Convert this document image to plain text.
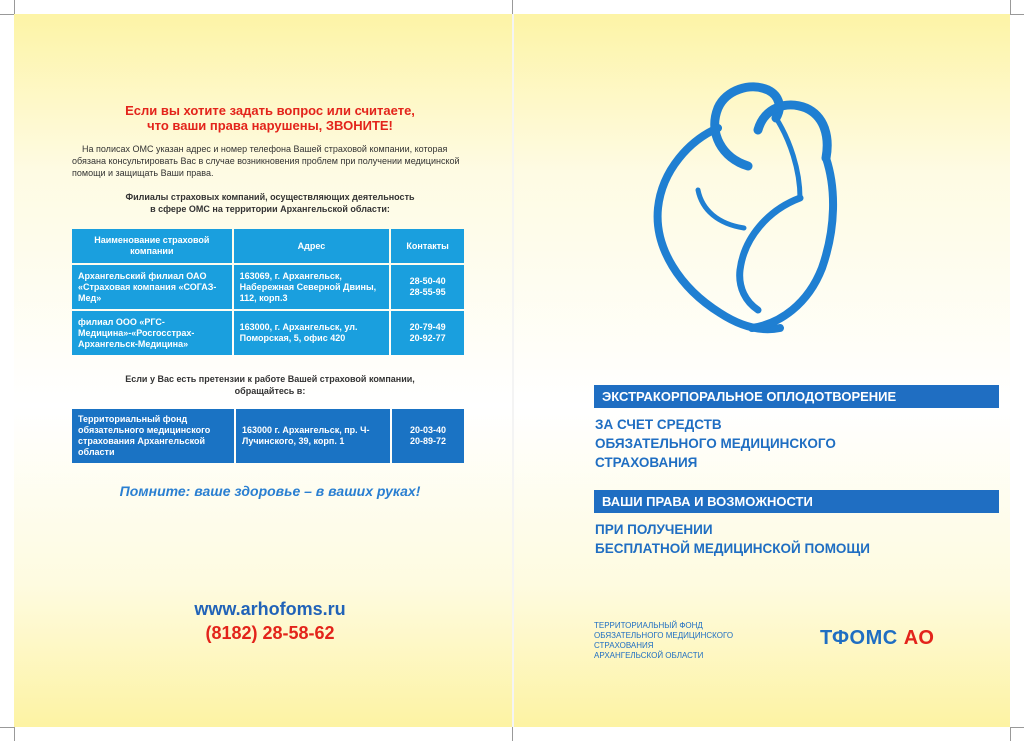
Если вы хотите задать вопрос или считаете,
что ваши права нарушены, ЗВОНИТЕ!

На полисах ОМС указан адрес и номер телефона Вашей страховой компании, которая обязана консультировать Вас в случае возникновения проблем при получении медицинской помощи и защищать Ваши права.

Филиалы страховых компаний, осуществляющих деятельность
в сфере ОМС на территории Архангельской области:
Наименование страховой компании	Адрес	Контакты
Архангельский филиал ОАО «Страховая компания «СОГАЗ-Мед»	163069, г. Архангельск, Набережная Северной Двины, 112, корп.3	28-50-40
28-55-95
филиал ООО «РГС-Медицина»-«Росгосстрах-Архангельск-Медицина»	163000, г. Архангельск, ул. Поморская, 5, офис 420	20-79-49
20-92-77
Если у Вас есть претензии к работе Вашей страховой компании,
обращайтесь в:
Территориальный фонд обязательного медицинского страхования Архангельской области	163000 г. Архангельск, пр. Ч-Лучинского, 39, корп. 1	20-03-40
20-89-72
Помните: ваше здоровье – в ваших руках!
www.arhofoms.ru
(8182) 28-58-62
ЭКСТРАКОРПОРАЛЬНОЕ ОПЛОДОТВОРЕНИЕ
ЗА СЧЕТ СРЕДСТВ
ОБЯЗАТЕЛЬНОГО МЕДИЦИНСКОГО
СТРАХОВАНИЯ
ВАШИ ПРАВА И ВОЗМОЖНОСТИ
ПРИ ПОЛУЧЕНИИ
БЕСПЛАТНОЙ МЕДИЦИНСКОЙ ПОМОЩИ
ТЕРРИТОРИАЛЬНЫЙ ФОНД
ОБЯЗАТЕЛЬНОГО МЕДИЦИНСКОГО СТРАХОВАНИЯ
АРХАНГЕЛЬСКОЙ ОБЛАСТИ
ТФОМС АО
